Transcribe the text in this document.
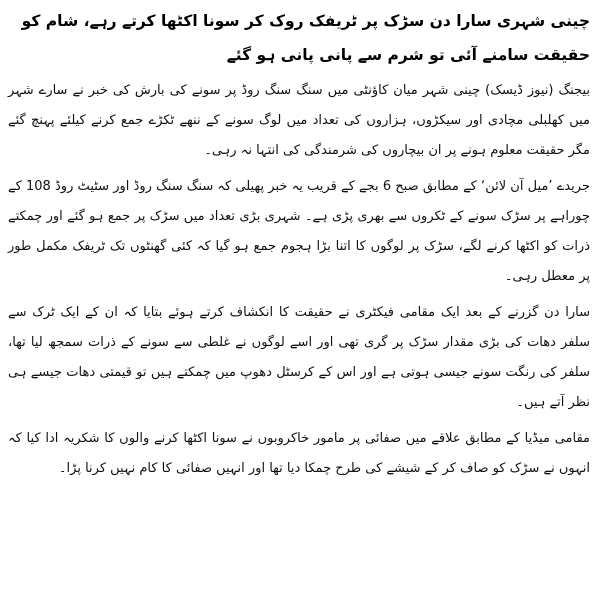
چینی شہری سارا دن سڑک پر ٹریفک روک کر سونا اکٹھا کرتے رہے، شام کو حقیقت سامنے آئی تو شرم سے پانی پانی ہو گئے

بیجنگ (نیوز ڈیسک) چینی شہر میان کاؤنٹی میں سنگ سنگ روڈ پر سونے کی بارش کی خبر نے سارے شہر میں کھلبلی مچادی اور سیکڑوں، ہزاروں کی تعداد میں لوگ سونے کے ننھے ٹکڑے جمع کرنے کیلئے پہنچ گئے مگر حقیقت معلوم ہونے پر ان بیچاروں کی شرمندگی کی انتہا نہ رہی۔

جریدے ’میل آن لائن‘ کے مطابق صبح 6 بجے کے قریب یہ خبر پھیلی کہ سنگ سنگ روڈ اور سٹیٹ روڈ 108 کے چوراہے پر سڑک سونے کے ٹکروں سے بھری پڑی ہے۔ شہری بڑی تعداد میں سڑک پر جمع ہو گئے اور چمکتے ذرات کو اکٹھا کرنے لگے، سڑک پر لوگوں کا اتنا بڑا ہجوم جمع ہو گیا کہ کئی گھنٹوں تک ٹریفک مکمل طور پر معطل رہی۔

سارا دن گزرنے کے بعد ایک مقامی فیکٹری نے حقیقت کا انکشاف کرتے ہوئے بتایا کہ ان کے ایک ٹرک سے سلفر دھات کی بڑی مقدار سڑک پر گری تھی اور اسے لوگوں نے غلطی سے سونے کے ذرات سمجھ لیا تھا، سلفر کی رنگت سونے جیسی ہوتی ہے اور اس کے کرسٹل دھوپ میں چمکتے ہیں تو قیمتی دھات جیسے ہی نظر آتے ہیں۔

مقامی میڈیا کے مطابق علاقے میں صفائی پر مامور خاکروبوں نے سونا اکٹھا کرنے والوں کا شکریہ ادا کیا کہ انہوں نے سڑک کو صاف کر کے شیشے کی طرح چمکا دیا تھا اور انہیں صفائی کا کام نہیں کرنا پڑا۔
